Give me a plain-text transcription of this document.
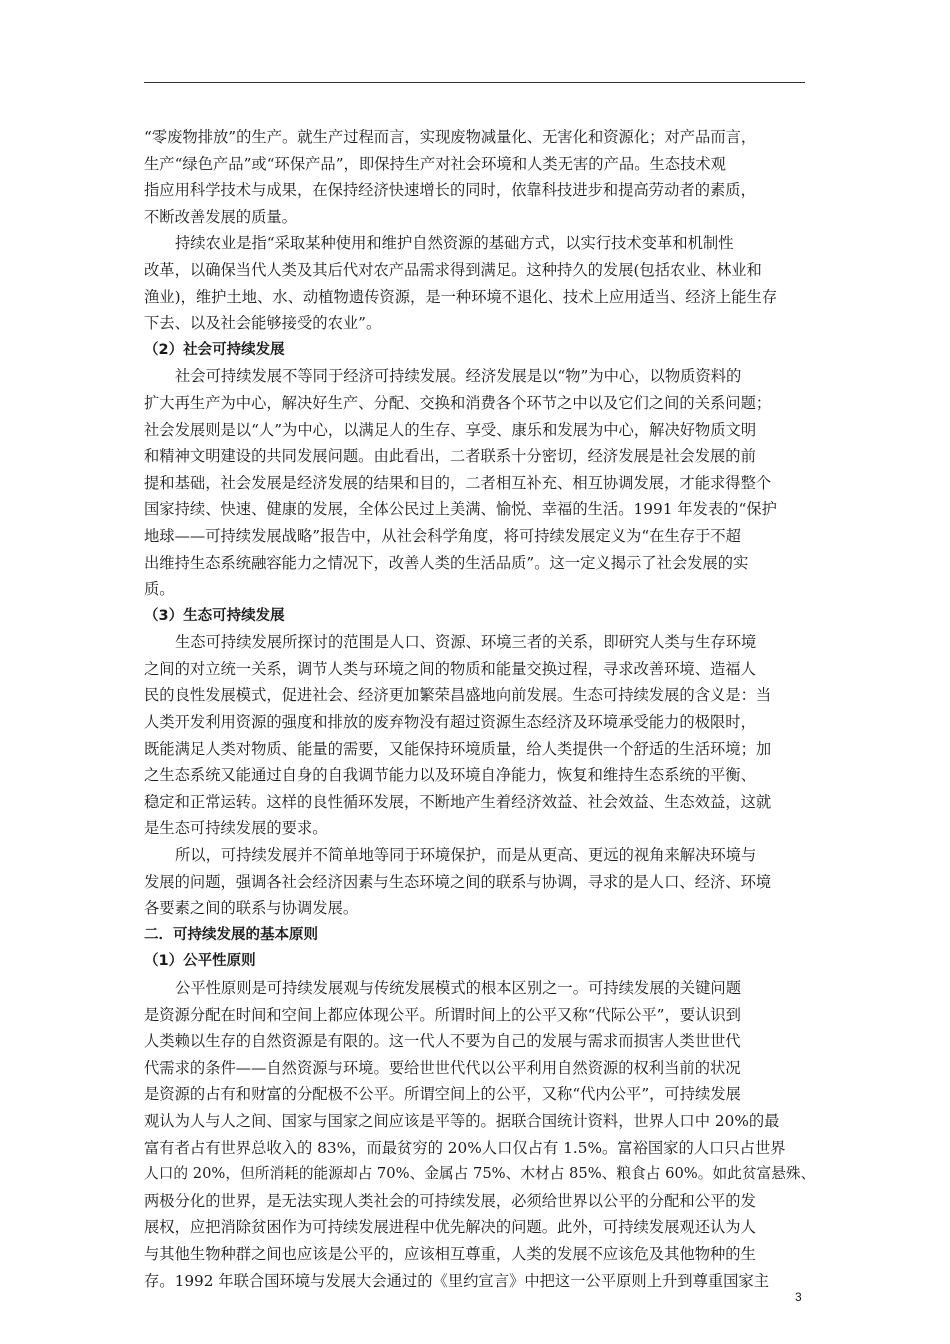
“零废物排放”的生产。就生产过程而言，实现废物减量化、无害化和资源化；对产品而言，
生产“绿色产品”或“环保产品”，即保持生产对社会环境和人类无害的产品。生态技术观
指应用科学技术与成果，在保持经济快速增长的同时，依靠科技进步和提高劳动者的素质，
不断改善发展的质量。
持续农业是指“采取某种使用和维护自然资源的基础方式，以实行技术变革和机制性
改革，以确保当代人类及其后代对农产品需求得到满足。这种持久的发展(包括农业、林业和
渔业)，维护土地、水、动植物遗传资源，是一种环境不退化、技术上应用适当、经济上能生存
下去、以及社会能够接受的农业”。
（2）社会可持续发展
社会可持续发展不等同于经济可持续发展。经济发展是以“物”为中心，以物质资料的
扩大再生产为中心，解决好生产、分配、交换和消费各个环节之中以及它们之间的关系问题；
社会发展则是以“人”为中心，以满足人的生存、享受、康乐和发展为中心，解决好物质文明
和精神文明建设的共同发展问题。由此看出，二者联系十分密切，经济发展是社会发展的前
提和基础，社会发展是经济发展的结果和目的，二者相互补充、相互协调发展，才能求得整个
国家持续、快速、健康的发展，全体公民过上美满、愉悦、幸福的生活。1991 年发表的“保护
地球——可持续发展战略”报告中，从社会科学角度，将可持续发展定义为“在生存于不超
出维持生态系统融容能力之情况下，改善人类的生活品质”。这一定义揭示了社会发展的实
质。
（3）生态可持续发展
生态可持续发展所探讨的范围是人口、资源、环境三者的关系，即研究人类与生存环境
之间的对立统一关系，调节人类与环境之间的物质和能量交换过程，寻求改善环境、造福人
民的良性发展模式，促进社会、经济更加繁荣昌盛地向前发展。生态可持续发展的含义是：当
人类开发利用资源的强度和排放的废弃物没有超过资源生态经济及环境承受能力的极限时，
既能满足人类对物质、能量的需要，又能保持环境质量，给人类提供一个舒适的生活环境；加
之生态系统又能通过自身的自我调节能力以及环境自净能力，恢复和维持生态系统的平衡、
稳定和正常运转。这样的良性循环发展，不断地产生着经济效益、社会效益、生态效益，这就
是生态可持续发展的要求。
所以，可持续发展并不简单地等同于环境保护，而是从更高、更远的视角来解决环境与
发展的问题，强调各社会经济因素与生态环境之间的联系与协调，寻求的是人口、经济、环境
各要素之间的联系与协调发展。
二．可持续发展的基本原则
（1）公平性原则
公平性原则是可持续发展观与传统发展模式的根本区别之一。可持续发展的关键问题
是资源分配在时间和空间上都应体现公平。所谓时间上的公平又称“代际公平”，要认识到
人类赖以生存的自然资源是有限的。这一代人不要为自己的发展与需求而损害人类世世代
代需求的条件——自然资源与环境。要给世世代代以公平利用自然资源的权利当前的状况
是资源的占有和财富的分配极不公平。所谓空间上的公平，又称“代内公平”，可持续发展
观认为人与人之间、国家与国家之间应该是平等的。据联合国统计资料，世界人口中 20%的最
富有者占有世界总收入的 83%，而最贫穷的 20%人口仅占有 1.5%。富裕国家的人口只占世界
人口的 20%，但所消耗的能源却占 70%、金属占 75%、木材占 85%、粮食占 60%。如此贫富悬殊、
两极分化的世界，是无法实现人类社会的可持续发展，必须给世界以公平的分配和公平的发
展权，应把消除贫困作为可持续发展进程中优先解决的问题。此外，可持续发展观还认为人
与其他生物种群之间也应该是公平的，应该相互尊重，人类的发展不应该危及其他物种的生
存。1992 年联合国环境与发展大会通过的《里约宣言》中把这一公平原则上升到尊重国家主
3
